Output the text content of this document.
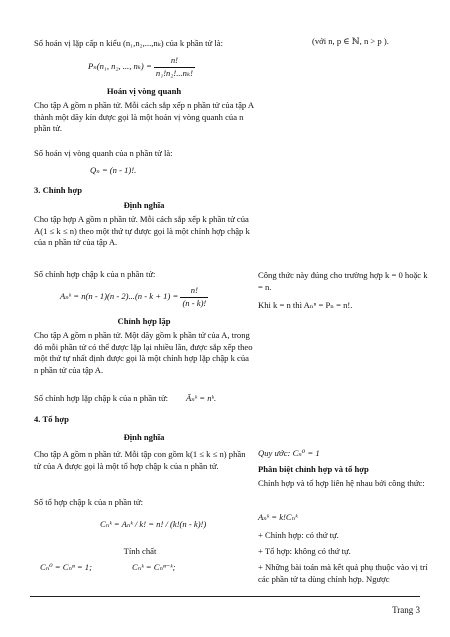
(với n, p ∈ ℕ, n > p ).
Số hoán vị lặp cấp n kiểu (n₁,n₂,...,nₖ) của k phần tử là:
Pₙ(n₁, n₂, ..., $n_k) = \frac{n!}{\text{n₁!n₂!...nₖ!}}$
Hoán vị vòng quanh
Cho tập A gồm n phần tử. Mỗi cách sắp xếp n phần tử của tập A thành một dãy kín được gọi là một hoán vị vòng quanh của n phần tử.
Số hoán vị vòng quanh của n phần tử là:
Qₙ = (n - 1)!.
3. Chỉnh hợp
Định nghĩa
Cho tập hợp A gồm n phần tử. Mỗi cách sắp xếp k phần tử của A(1 ≤ k ≤ n) theo một thứ tự được gọi là một chỉnh hợp chập k của n phần tử của tập A.
Số chỉnh hợp chập k của n phần tử:
Aₙᵏ = $n(n - 1)(n - 2)...(n - k + 1) = \frac{n!}{(n - k)!}$
Công thức này đúng cho trường hợp k = 0 hoặc k = n.
Khi k = n thì Aₙⁿ = Pₙ = n!.
Chỉnh hợp lặp
Cho tập A gồm n phần tử. Một dãy gồm k phần tử của A, trong đó mỗi phần tử có thể được lặp lại nhiều lần, được sắp xếp theo một thứ tự nhất định được gọi là một chỉnh hợp lặp chập k của n phần tử của tập A.
Số chỉnh hợp lặp chập k của n phần tử:	Āₙᵏ = nᵏ.
4. Tổ hợp
Định nghĩa
Cho tập A gồm n phần tử. Mỗi tập con gồm k(1 ≤ k ≤ n) phần tử của A được gọi là một tổ hợp chập k của n phần tử.
Số tổ hợp chập k của n phần tử:
Cₙᵏ = Aₙᵏ / k! = n! / (k!(n - k)!)
Tính chất
Cₙ⁰ = Cₙⁿ = 1;	Cₙᵏ = Cₙⁿ⁻ᵏ;
Quy ước: Cₙ⁰ = 1
Phân biệt chỉnh hợp và tổ hợp
Chỉnh hợp và tổ hợp liên hệ nhau bởi công thức:
Aₙᵏ = k!Cₙᵏ
+ Chỉnh hợp: có thứ tự.
+ Tổ hợp: không có thứ tự.
+ Những bài toán mà kết quả phụ thuộc vào vị trí các phần tử ta dùng chỉnh hợp. Ngược
Trang 3
